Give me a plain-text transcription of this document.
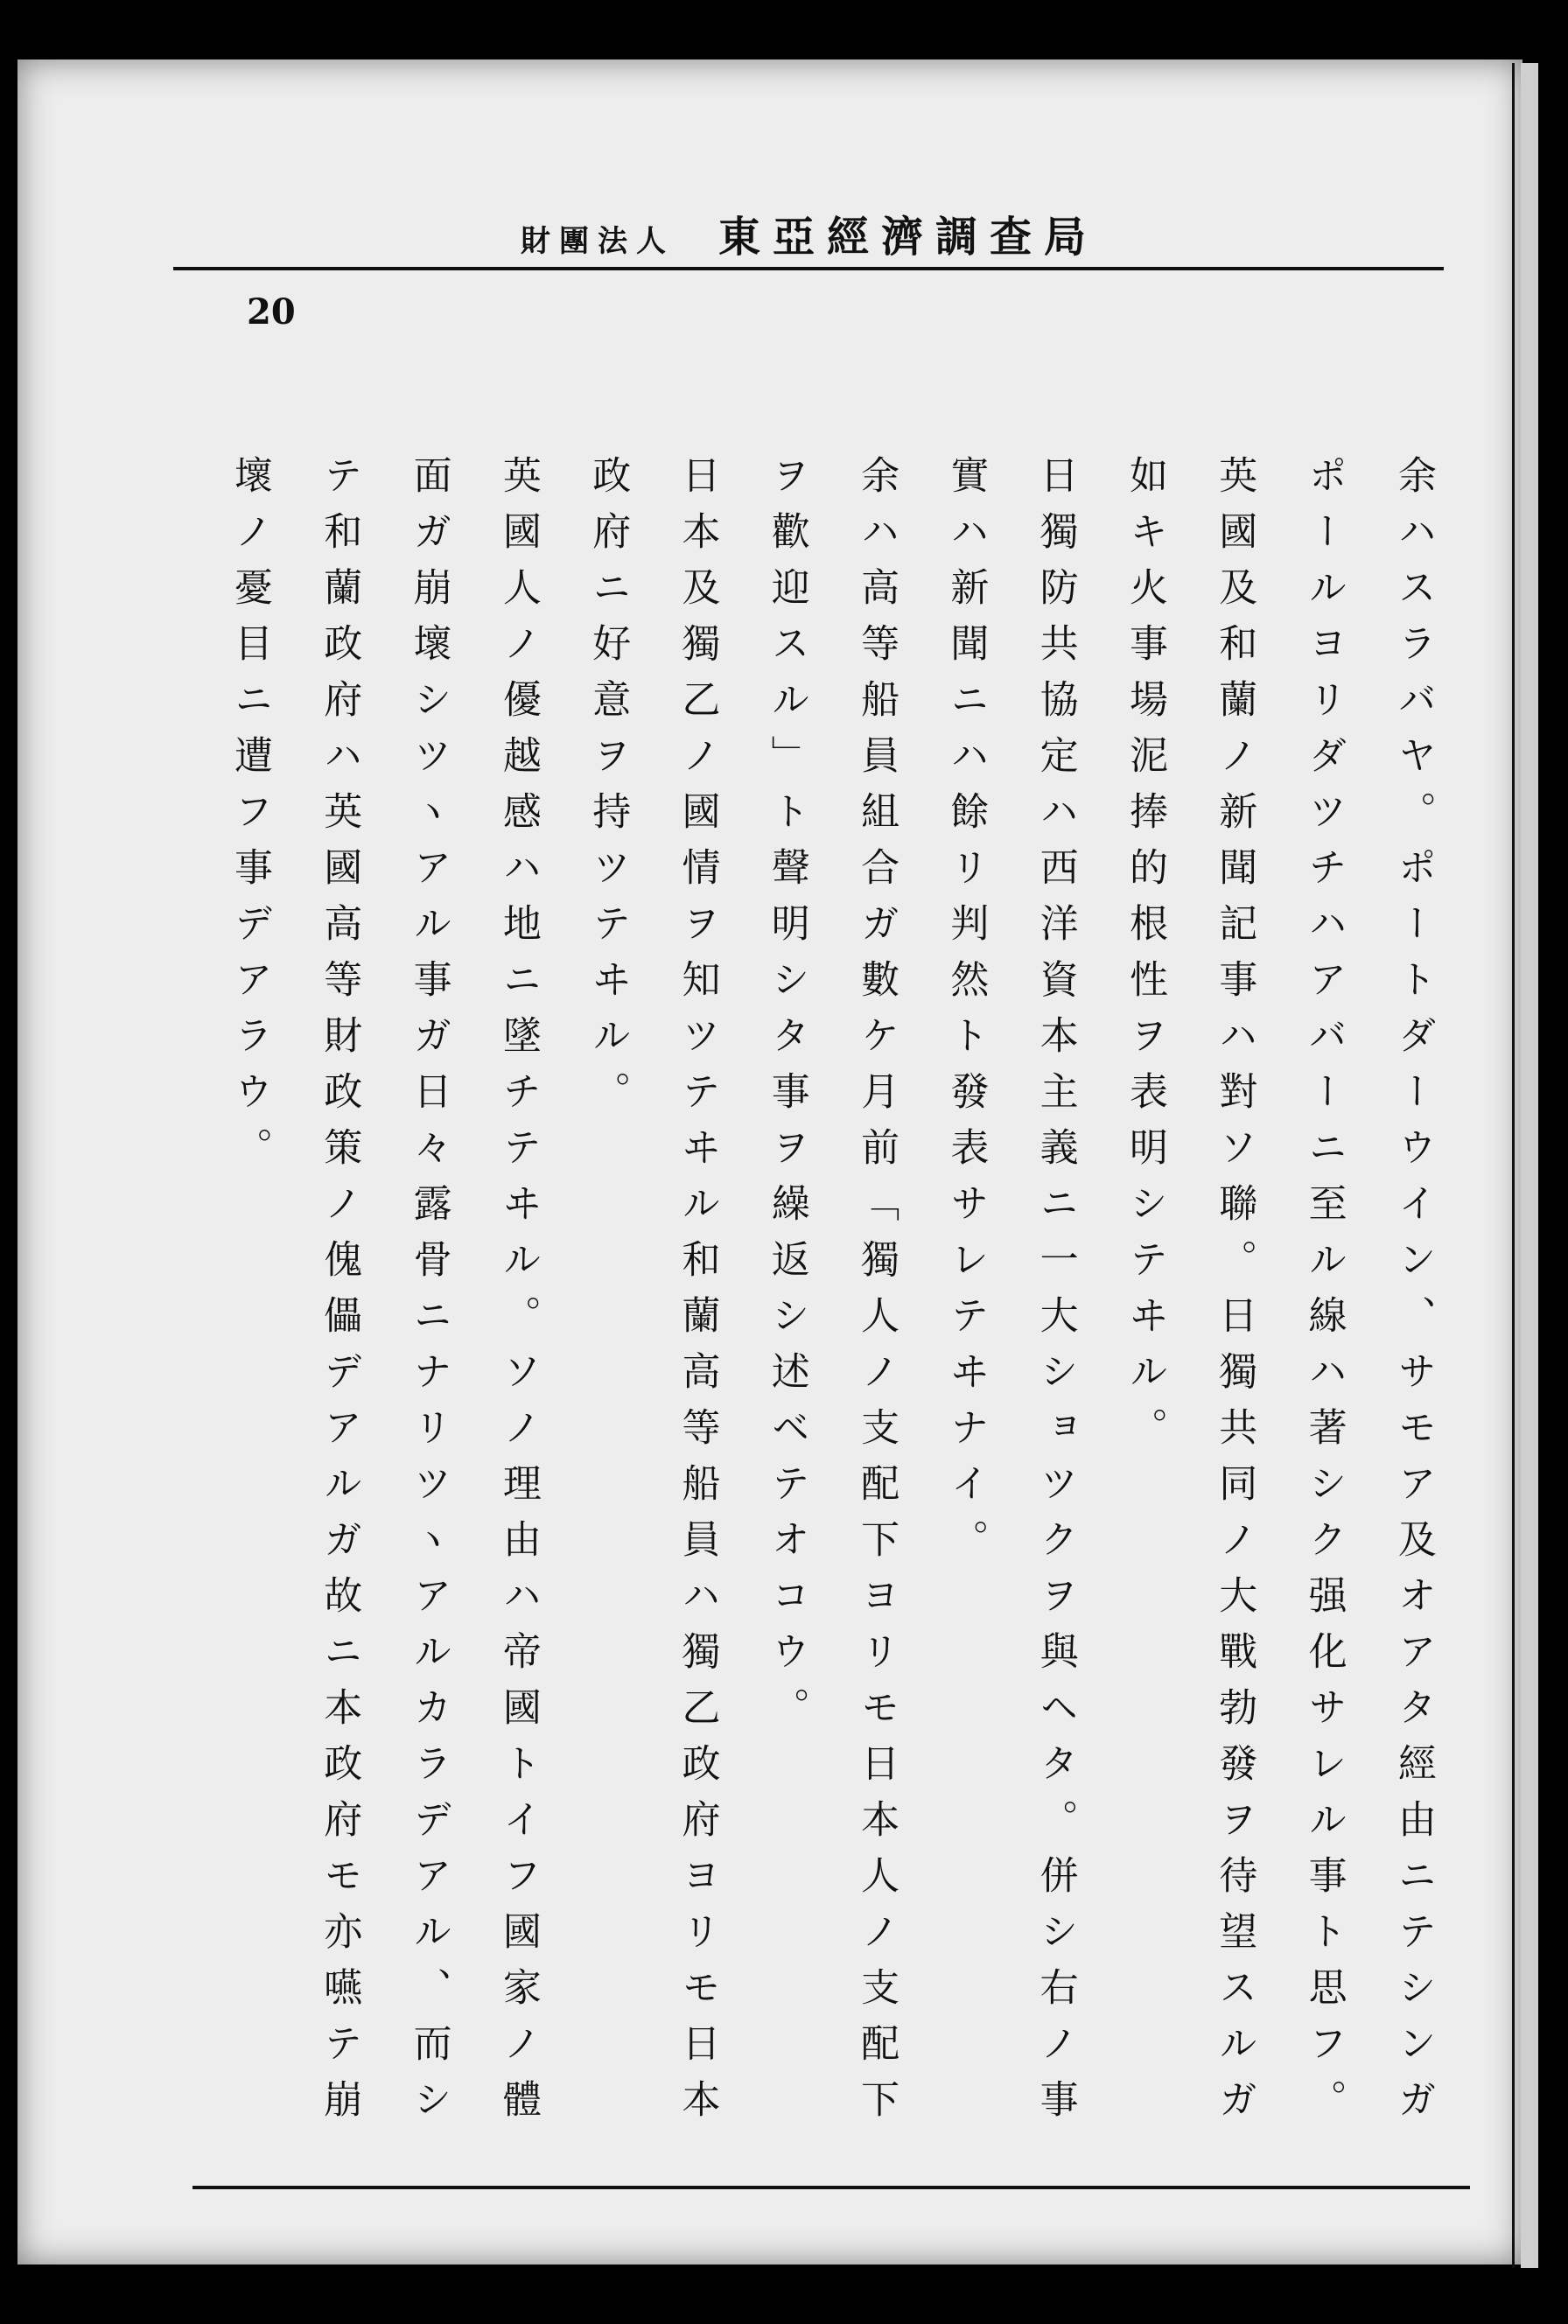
財團法人 東亞經濟調查局
20
余ハスラバヤ。ポートダーウイン、サモア及オアタ經由ニテシンガ
ポールヨリダツチハアバーニ至ル線ハ著シク强化サレル事ト思フ。
英國及和蘭ノ新聞記事ハ對ソ聯。日獨共同ノ大戰勃發ヲ待望スルガ
如キ火事場泥捧的根性ヲ表明シテヰル。
日獨防共協定ハ西洋資本主義ニ一大ショツクヲ與ヘタ。併シ右ノ事
實ハ新聞ニハ餘リ判然ト發表サレテヰナイ。
余ハ高等船員組合ガ數ケ月前「獨人ノ支配下ヨリモ日本人ノ支配下
ヲ歡迎スル」ト聲明シタ事ヲ繰返シ述ベテオコウ。
日本及獨乙ノ國情ヲ知ツテヰル和蘭高等船員ハ獨乙政府ヨリモ日本
政府ニ好意ヲ持ツテヰル。
英國人ノ優越感ハ地ニ墜チテヰル。ソノ理由ハ帝國トイフ國家ノ體
面ガ崩壞シツヽアル事ガ日々露骨ニナリツヽアルカラデアル、而シ
テ和蘭政府ハ英國高等財政策ノ傀儡デアルガ故ニ本政府モ亦嚥テ崩
壞ノ憂目ニ遭フ事デアラウ。
